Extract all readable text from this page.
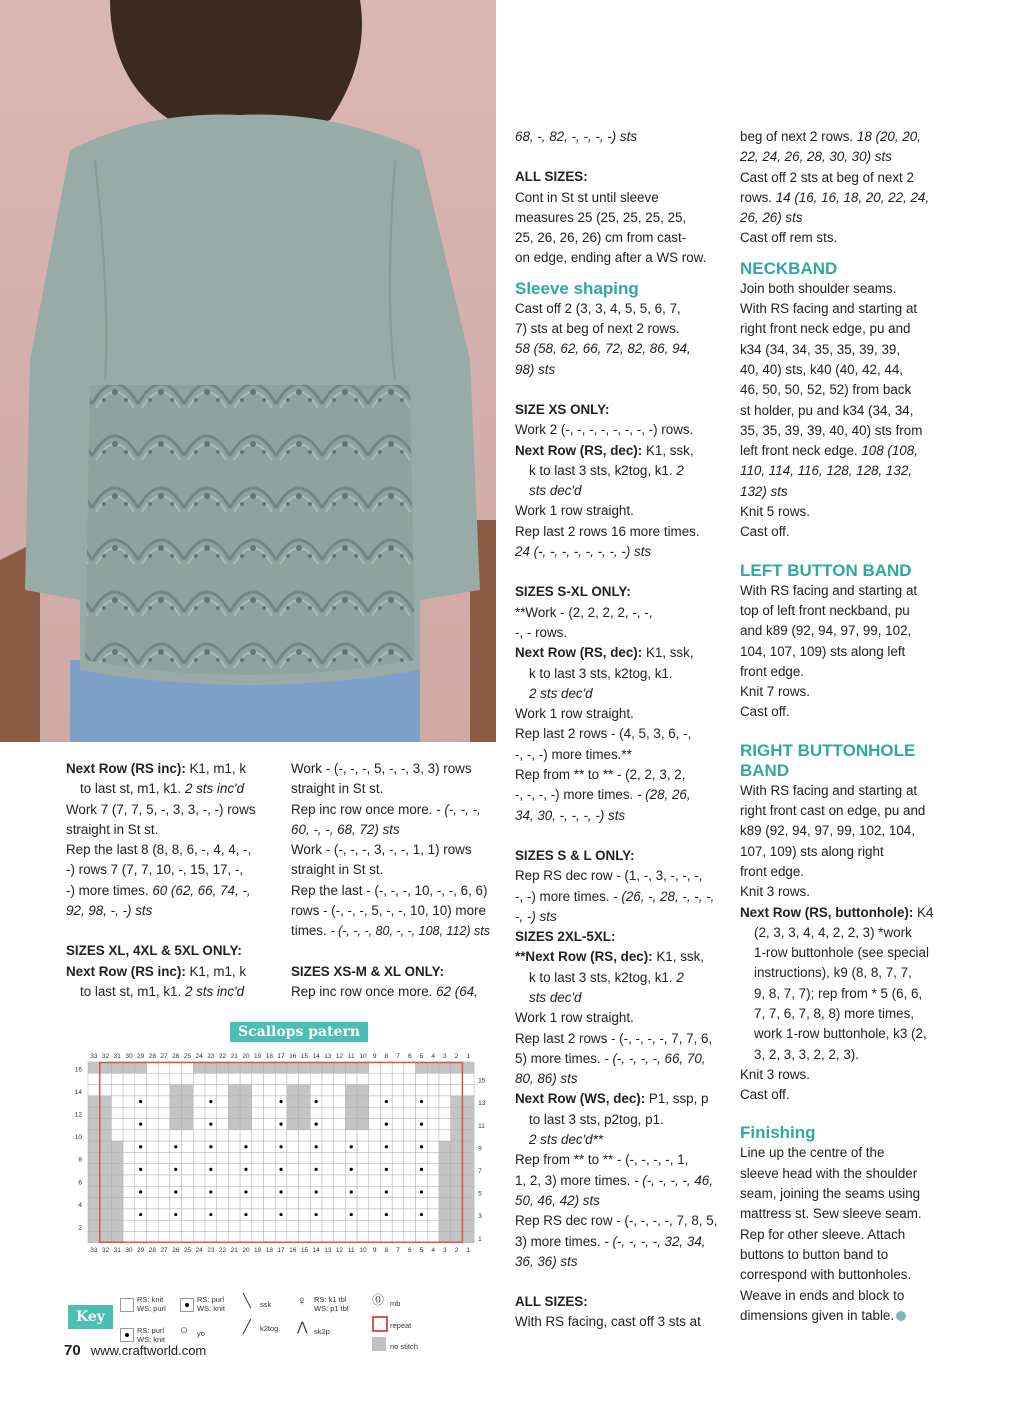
Next Row (RS inc): K1, m1, k

to last st, m1, k1. 2 sts inc'd

Work 7 (7, 7, 5, -, 3, 3, -, -) rows

straight in St st.

Rep the last 8 (8, 8, 6, -, 4, 4, -,

-) rows 7 (7, 7, 10, -, 15, 17, -,

-) more times. 60 (62, 66, 74, -,

92, 98, -, -) sts

SIZES XL, 4XL & 5XL ONLY:

Next Row (RS inc): K1, m1, k

to last st, m1, k1. 2 sts inc'd

Work - (-, -, -, 5, -, -, 3, 3) rows

straight in St st.

Rep inc row once more. - (-, -, -,

60, -, -, 68, 72) sts

Work - (-, -, -, 3, -, -, 1, 1) rows

straight in St st.

Rep the last - (-, -, -, 10, -, -, 6, 6)

rows - (-, -, -, 5, -, -, 10, 10) more

times. - (-, -, -, 80, -, -, 108, 112) sts

SIZES XS-M & XL ONLY:

Rep inc row once more. 62 (64,

Scallops patern
33
33
32
32
31
31
30
30
29
29
28
28
27
27
26
26
25
25
24
24
23
23
22
22
21
21
20
20
19
19
18
18
17
17
16
16
15
15
14
14
13
13
12
12
11
11
10
10
9
9
8
8
7
7
6
6
5
5
4
4
3
3
2
2
1
1
16
14
12
10
8
6
4
2
15
13
11
9
7
5
3
1
Key
RS: knit
WS: purl
RS: purl
WS: knit
RS: purl
WS: knit
○ yo
╲ ssk
╱ k2tog
♀ RS: k1 tbl
WS: p1 tbl
⋀ sk2p
⓪ mb
repeat
no stitch
70 www.craftworld.com

68, -, 82, -, -, -, -) sts

ALL SIZES:

Cont in St st until sleeve

measures 25 (25, 25, 25, 25,

25, 26, 26, 26) cm from cast-

on edge, ending after a WS row.

Sleeve shaping

Cast off 2 (3, 3, 4, 5, 5, 6, 7,

7) sts at beg of next 2 rows.

58 (58, 62, 66, 72, 82, 86, 94,

98) sts

SIZE XS ONLY:

Work 2 (-, -, -, -, -, -, -, -) rows.

Next Row (RS, dec): K1, ssk,

k to last 3 sts, k2tog, k1. 2

sts dec'd

Work 1 row straight.

Rep last 2 rows 16 more times.

24 (-, -, -, -, -, -, -, -) sts

SIZES S-XL ONLY:

**Work - (2, 2, 2, 2, -, -,

-, - rows.

Next Row (RS, dec): K1, ssk,

k to last 3 sts, k2tog, k1.

2 sts dec'd

Work 1 row straight.

Rep last 2 rows - (4, 5, 3, 6, -,

-, -, -) more times.**

Rep from ** to ** - (2, 2, 3, 2,

-, -, -, -) more times. - (28, 26,

34, 30, -, -, -, -) sts

SIZES S & L ONLY:

Rep RS dec row - (1, -, 3, -, -, -,

-, -) more times. - (26, -, 28, -, -, -,

-, -) sts

SIZES 2XL-5XL:

**Next Row (RS, dec): K1, ssk,

k to last 3 sts, k2tog, k1. 2

sts dec'd

Work 1 row straight.

Rep last 2 rows - (-, -, -, -, 7, 7, 6,

5) more times. - (-, -, -, -, 66, 70,

80, 86) sts

Next Row (WS, dec): P1, ssp, p

to last 3 sts, p2tog, p1.

2 sts dec'd**

Rep from ** to ** - (-, -, -, -, 1,

1, 2, 3) more times. - (-, -, -, -, 46,

50, 46, 42) sts

Rep RS dec row - (-, -, -, -, 7, 8, 5,

3) more times. - (-, -, -, -, 32, 34,

36, 36) sts

ALL SIZES:

With RS facing, cast off 3 sts at

beg of next 2 rows. 18 (20, 20,

22, 24, 26, 28, 30, 30) sts

Cast off 2 sts at beg of next 2

rows. 14 (16, 16, 18, 20, 22, 24,

26, 26) sts

Cast off rem sts.

NECKBAND

Join both shoulder seams.

With RS facing and starting at

right front neck edge, pu and

k34 (34, 34, 35, 35, 39, 39,

40, 40) sts, k40 (40, 42, 44,

46, 50, 50, 52, 52) from back

st holder, pu and k34 (34, 34,

35, 35, 39, 39, 40, 40) sts from

left front neck edge. 108 (108,

110, 114, 116, 128, 128, 132,

132) sts

Knit 5 rows.

Cast off.

LEFT BUTTON BAND

With RS facing and starting at

top of left front neckband, pu

and k89 (92, 94, 97, 99, 102,

104, 107, 109) sts along left

front edge.

Knit 7 rows.

Cast off.

RIGHT BUTTONHOLE

BAND

With RS facing and starting at

right front cast on edge, pu and

k89 (92, 94, 97, 99, 102, 104,

107, 109) sts along right

front edge.

Knit 3 rows.

Next Row (RS, buttonhole): K4

(2, 3, 3, 4, 4, 2, 2, 3) *work

1-row buttonhole (see special

instructions), k9 (8, 8, 7, 7,

9, 8, 7, 7); rep from * 5 (6, 6,

7, 7, 6, 7, 8, 8) more times,

work 1-row buttonhole, k3 (2,

3, 2, 3, 3, 2, 2, 3).

Knit 3 rows.

Cast off.

Finishing

Line up the centre of the

sleeve head with the shoulder

seam, joining the seams using

mattress st. Sew sleeve seam.

Rep for other sleeve. Attach

buttons to button band to

correspond with buttonholes.

Weave in ends and block to

dimensions given in table.
